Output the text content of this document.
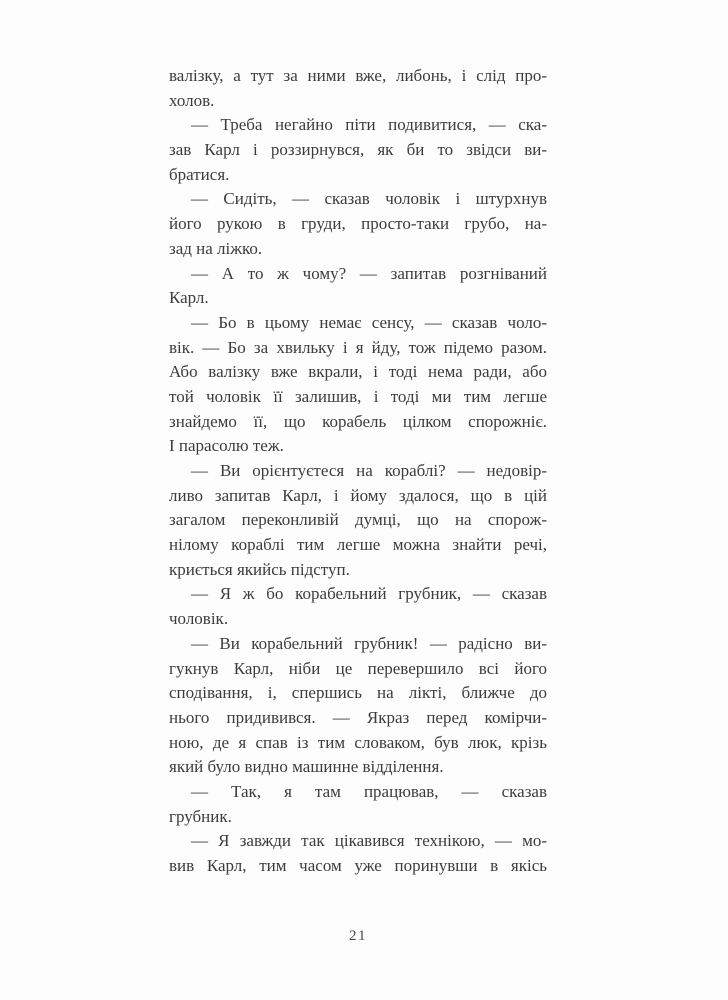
валізку, а тут за ними вже, либонь, і слід про-
холов.
— Треба негайно піти подивитися, — ска-
зав Карл і роззирнувся, як би то звідси ви-
братися.
— Сидіть, — сказав чоловік і штурхнув
його рукою в груди, просто-таки грубо, на-
зад на ліжко.
— А то ж чому? — запитав розгніваний
Карл.
— Бо в цьому немає сенсу, — сказав чоло-
вік. — Бо за хвильку і я йду, тож підемо разом.
Або валізку вже вкрали, і тоді нема ради, або
той чоловік її залишив, і тоді ми тим легше
знайдемо її, що корабель цілком спорожніє.
І парасолю теж.
— Ви орієнтуєтеся на кораблі? — недовір-
ливо запитав Карл, і йому здалося, що в цій
загалом переконливій думці, що на спорож-
нілому кораблі тим легше можна знайти речі,
криється якийсь підступ.
— Я ж бо корабельний грубник, — сказав
чоловік.
— Ви корабельний грубник! — радісно ви-
гукнув Карл, ніби це перевершило всі його
сподівання, і, спершись на лікті, ближче до
нього придивився. — Якраз перед комірчи-
ною, де я спав із тим словаком, був люк, крізь
який було видно машинне відділення.
— Так, я там працював, — сказав
грубник.
— Я завжди так цікавився технікою, — мо-
вив Карл, тим часом уже поринувши в якісь
21
